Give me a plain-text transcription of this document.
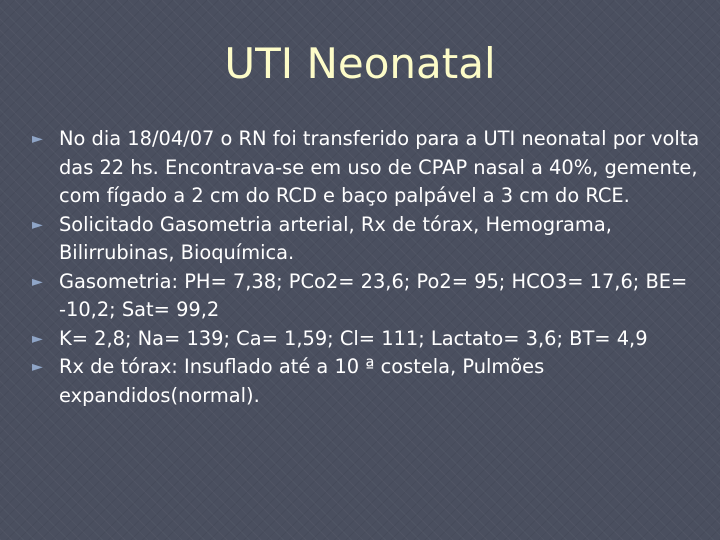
UTI Neonatal
► No dia 18/04/07 o RN foi transferido para a UTI neonatal por volta das 22 hs. Encontrava-se em uso de CPAP nasal a 40%, gemente, com fígado a 2 cm do RCD e baço palpável a 3 cm do RCE.
► Solicitado Gasometria arterial, Rx de tórax, Hemograma, Bilirrubinas, Bioquímica.
► Gasometria: PH= 7,38; PCo2= 23,6; Po2= 95; HCO3= 17,6; BE= -10,2; Sat= 99,2
► K= 2,8; Na= 139; Ca= 1,59; Cl= 111; Lactato= 3,6; BT= 4,9
► Rx de tórax: Insuflado até a 10 ª costela, Pulmões expandidos(normal).
